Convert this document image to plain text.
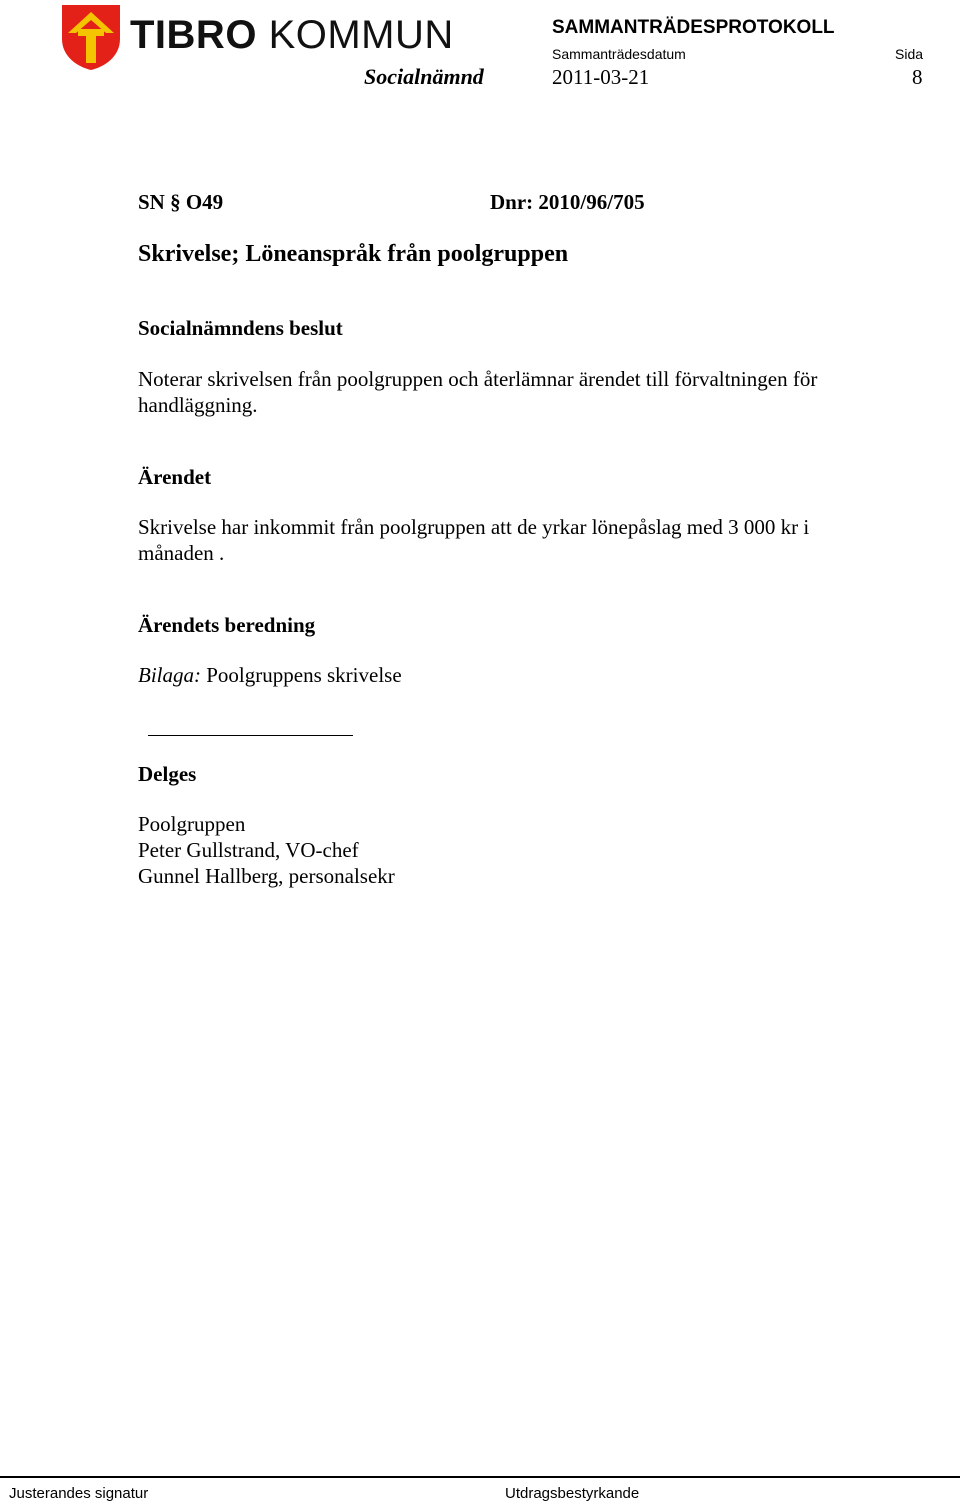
TIBRO KOMMUN
Socialnämnd
SAMMANTRÄDESPROTOKOLL
Sammanträdesdatum	Sida
2011-03-21	8
SN § O49	Dnr: 2010/96/705
Skrivelse; Löneanspråk från poolgruppen
Socialnämndens beslut
Noterar skrivelsen från poolgruppen och återlämnar ärendet till förvaltningen för
handläggning.
Ärendet
Skrivelse har inkommit från poolgruppen att de yrkar lönepåslag med 3 000 kr i
månaden .
Ärendets beredning
Bilaga: Poolgruppens skrivelse
Delges
Poolgruppen
Peter Gullstrand, VO-chef
Gunnel Hallberg, personalsekr
Justerandes signatur	Utdragsbestyrkande
